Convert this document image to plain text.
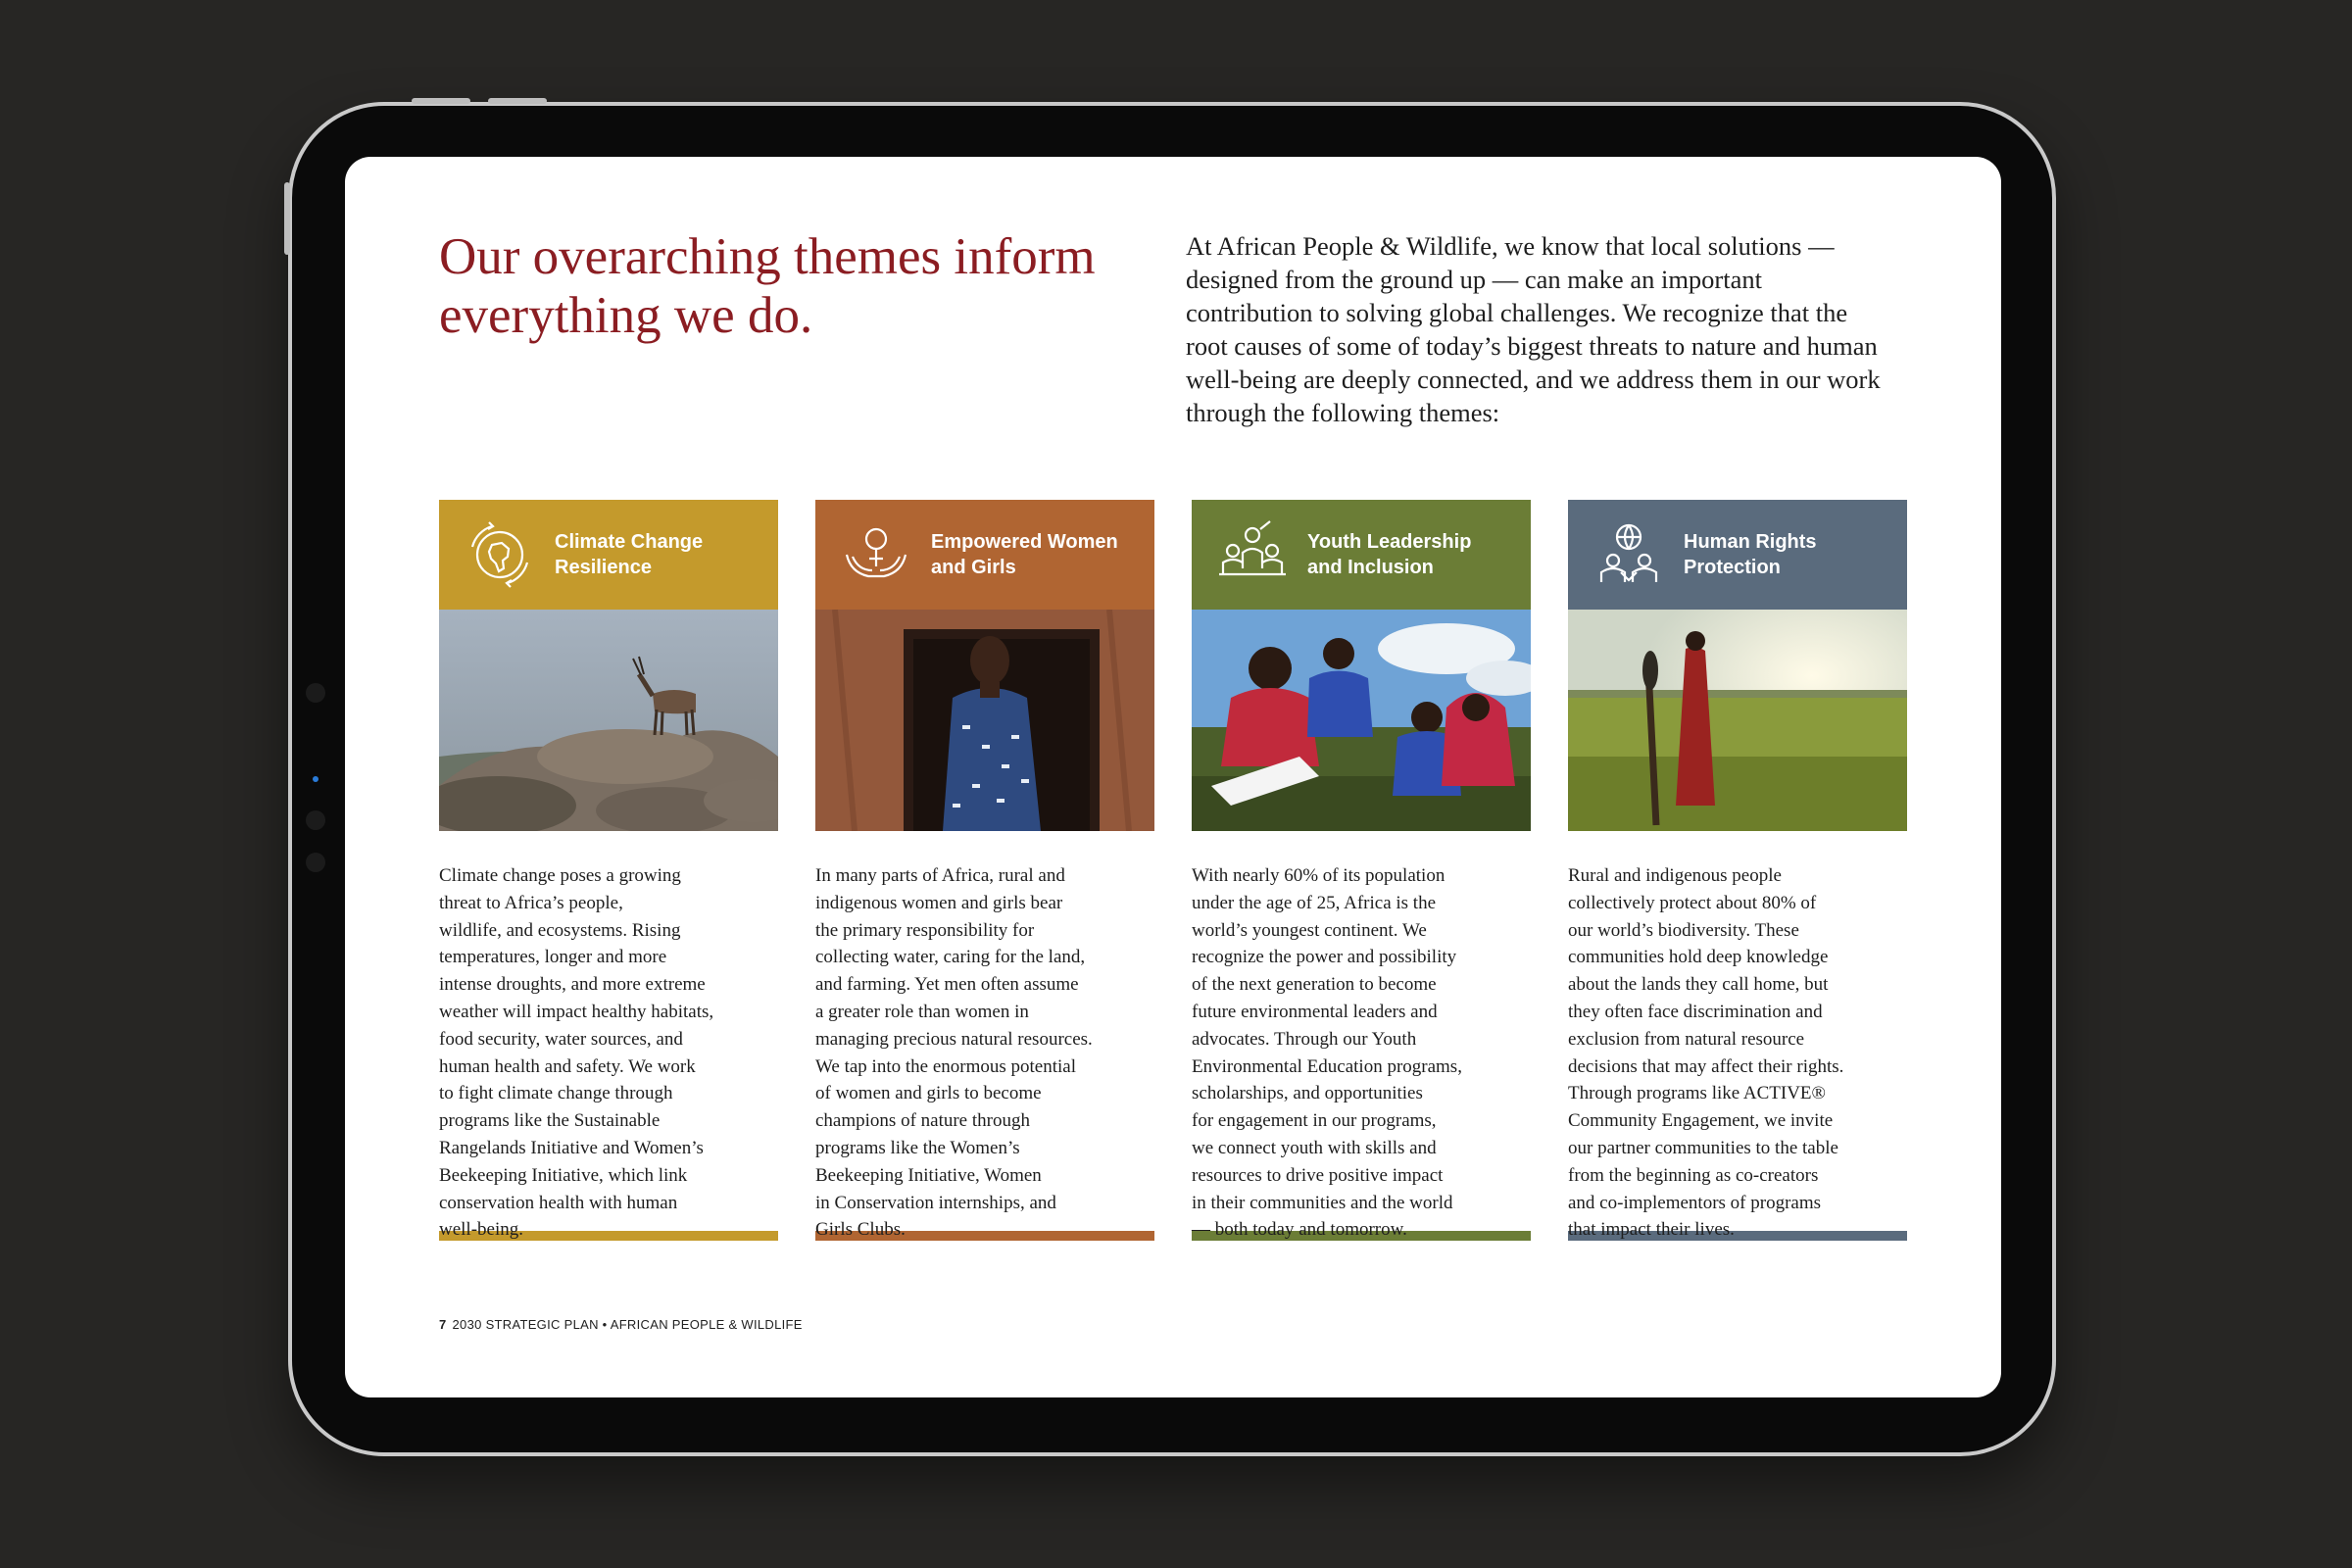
Our overarching themes inform everything we do.

At African People & Wildlife, we know that local solutions — designed from the ground up — can make an important contribution to solving global challenges. We recognize that the root causes of some of today’s biggest threats to nature and human well-being are deeply connected, and we address them in our work through the following themes:

Climate Change Resilience
Climate change poses a growing
threat to Africa’s people,
wildlife, and ecosystems. Rising
temperatures, longer and more
intense droughts, and more extreme
weather will impact healthy habitats,
food security, water sources, and
human health and safety. We work
to fight climate change through
programs like the Sustainable
Rangelands Initiative and Women’s
Beekeeping Initiative, which link
conservation health with human
well-being.
Empowered Women and Girls
In many parts of Africa, rural and
indigenous women and girls bear
the primary responsibility for
collecting water, caring for the land,
and farming. Yet men often assume
a greater role than women in
managing precious natural resources.
We tap into the enormous potential
of women and girls to become
champions of nature through
programs like the Women’s
Beekeeping Initiative, Women
in Conservation internships, and
Girls Clubs.
Youth Leadership and Inclusion
With nearly 60% of its population
under the age of 25, Africa is the
world’s youngest continent. We
recognize the power and possibility
of the next generation to become
future environmental leaders and
advocates. Through our Youth
Environmental Education programs,
scholarships, and opportunities
for engagement in our programs,
we connect youth with skills and
resources to drive positive impact
in their communities and the world
— both today and tomorrow.
Human Rights Protection
Rural and indigenous people
collectively protect about 80% of
our world’s biodiversity. These
communities hold deep knowledge
about the lands they call home, but
they often face discrimination and
exclusion from natural resource
decisions that may affect their rights.
Through programs like ACTIVE®
Community Engagement, we invite
our partner communities to the table
from the beginning as co-creators
and co-implementors of programs
that impact their lives.
7 2030 STRATEGIC PLAN • AFRICAN PEOPLE & WILDLIFE
